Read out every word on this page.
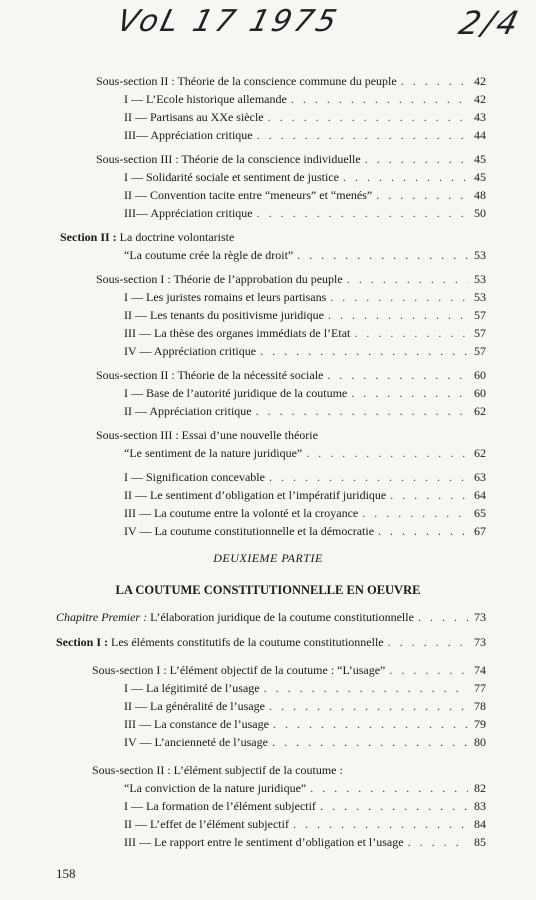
VoL 17 1975	2/4
Sous-section II : Théorie de la conscience commune du peuple . . .	42
I — L’Ecole historique allemande . . .	42
II — Partisans au XXe siècle . . .	43
III— Appréciation critique . . .	44
Sous-section III : Théorie de la conscience individuelle . . .	45
I — Solidarité sociale et sentiment de justice . . .	45
II — Convention tacite entre “meneurs” et “menés” . . .	48
III— Appréciation critique . . .	50
Section II : La doctrine volontariste
“La coutume crée la règle de droit” . . .	53
Sous-section I : Théorie de l’approbation du peuple . . .	53
I — Les juristes romains et leurs partisans . . .	53
II — Les tenants du positivisme juridique . . .	57
III — La thèse des organes immédiats de l’Etat . . .	57
IV — Appréciation critique . . .	57
Sous-section II : Théorie de la nécessité sociale . . .	60
I — Base de l’autorité juridique de la coutume . . .	60
II — Appréciation critique . . .	62
Sous-section III : Essai d’une nouvelle théorie
“Le sentiment de la nature juridique” . . .	62
I — Signification concevable . . .	63
II — Le sentiment d’obligation et l’impératif juridique . . .	64
III — La coutume entre la volonté et la croyance . . .	65
IV — La coutume constitutionnelle et la démocratie . . .	67
DEUXIEME PARTIE
LA COUTUME CONSTITUTIONNELLE EN OEUVRE
Chapitre Premier : L’élaboration juridique de la coutume constitutionnelle . . .	73
Section I : Les éléments constitutifs de la coutume constitutionnelle . . .	73
Sous-section I : L’élément objectif de la coutume : “L’usage” . . .	74
I — La légitimité de l’usage . . .	77
II — La généralité de l’usage . . .	78
III — La constance de l’usage . . .	79
IV — L’ancienneté de l’usage . . .	80
Sous-section II : L’élément subjectif de la coutume :
“La conviction de la nature juridique” . . .	82
I — La formation de l’élément subjectif . . .	83
II — L’effet de l’élément subjectif . . .	84
III — Le rapport entre le sentiment d’obligation et l’usage . . .	85
158
